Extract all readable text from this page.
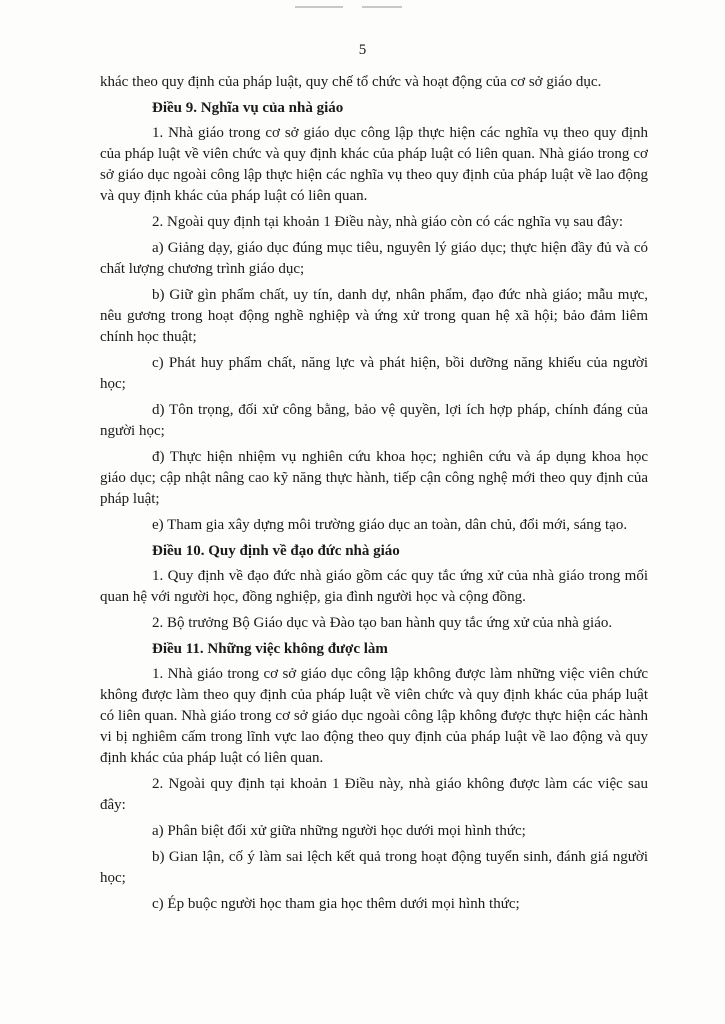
5

khác theo quy định của pháp luật, quy chế tổ chức và hoạt động của cơ sở giáo dục.

Điều 9. Nghĩa vụ của nhà giáo

1. Nhà giáo trong cơ sở giáo dục công lập thực hiện các nghĩa vụ theo quy định của pháp luật về viên chức và quy định khác của pháp luật có liên quan. Nhà giáo trong cơ sở giáo dục ngoài công lập thực hiện các nghĩa vụ theo quy định của pháp luật về lao động và quy định khác của pháp luật có liên quan.

2. Ngoài quy định tại khoản 1 Điều này, nhà giáo còn có các nghĩa vụ sau đây:

a) Giảng dạy, giáo dục đúng mục tiêu, nguyên lý giáo dục; thực hiện đầy đủ và có chất lượng chương trình giáo dục;

b) Giữ gìn phẩm chất, uy tín, danh dự, nhân phẩm, đạo đức nhà giáo; mẫu mực, nêu gương trong hoạt động nghề nghiệp và ứng xử trong quan hệ xã hội; bảo đảm liêm chính học thuật;

c) Phát huy phẩm chất, năng lực và phát hiện, bồi dưỡng năng khiếu của người học;

d) Tôn trọng, đối xử công bằng, bảo vệ quyền, lợi ích hợp pháp, chính đáng của người học;

đ) Thực hiện nhiệm vụ nghiên cứu khoa học; nghiên cứu và áp dụng khoa học giáo dục; cập nhật nâng cao kỹ năng thực hành, tiếp cận công nghệ mới theo quy định của pháp luật;

e) Tham gia xây dựng môi trường giáo dục an toàn, dân chủ, đổi mới, sáng tạo.

Điều 10. Quy định về đạo đức nhà giáo

1. Quy định về đạo đức nhà giáo gồm các quy tắc ứng xử của nhà giáo trong mối quan hệ với người học, đồng nghiệp, gia đình người học và cộng đồng.

2. Bộ trưởng Bộ Giáo dục và Đào tạo ban hành quy tắc ứng xử của nhà giáo.

Điều 11. Những việc không được làm

1. Nhà giáo trong cơ sở giáo dục công lập không được làm những việc viên chức không được làm theo quy định của pháp luật về viên chức và quy định khác của pháp luật có liên quan. Nhà giáo trong cơ sở giáo dục ngoài công lập không được thực hiện các hành vi bị nghiêm cấm trong lĩnh vực lao động theo quy định của pháp luật về lao động và quy định khác của pháp luật có liên quan.

2. Ngoài quy định tại khoản 1 Điều này, nhà giáo không được làm các việc sau đây:

a) Phân biệt đối xử giữa những người học dưới mọi hình thức;

b) Gian lận, cố ý làm sai lệch kết quả trong hoạt động tuyển sinh, đánh giá người học;

c) Ép buộc người học tham gia học thêm dưới mọi hình thức;
